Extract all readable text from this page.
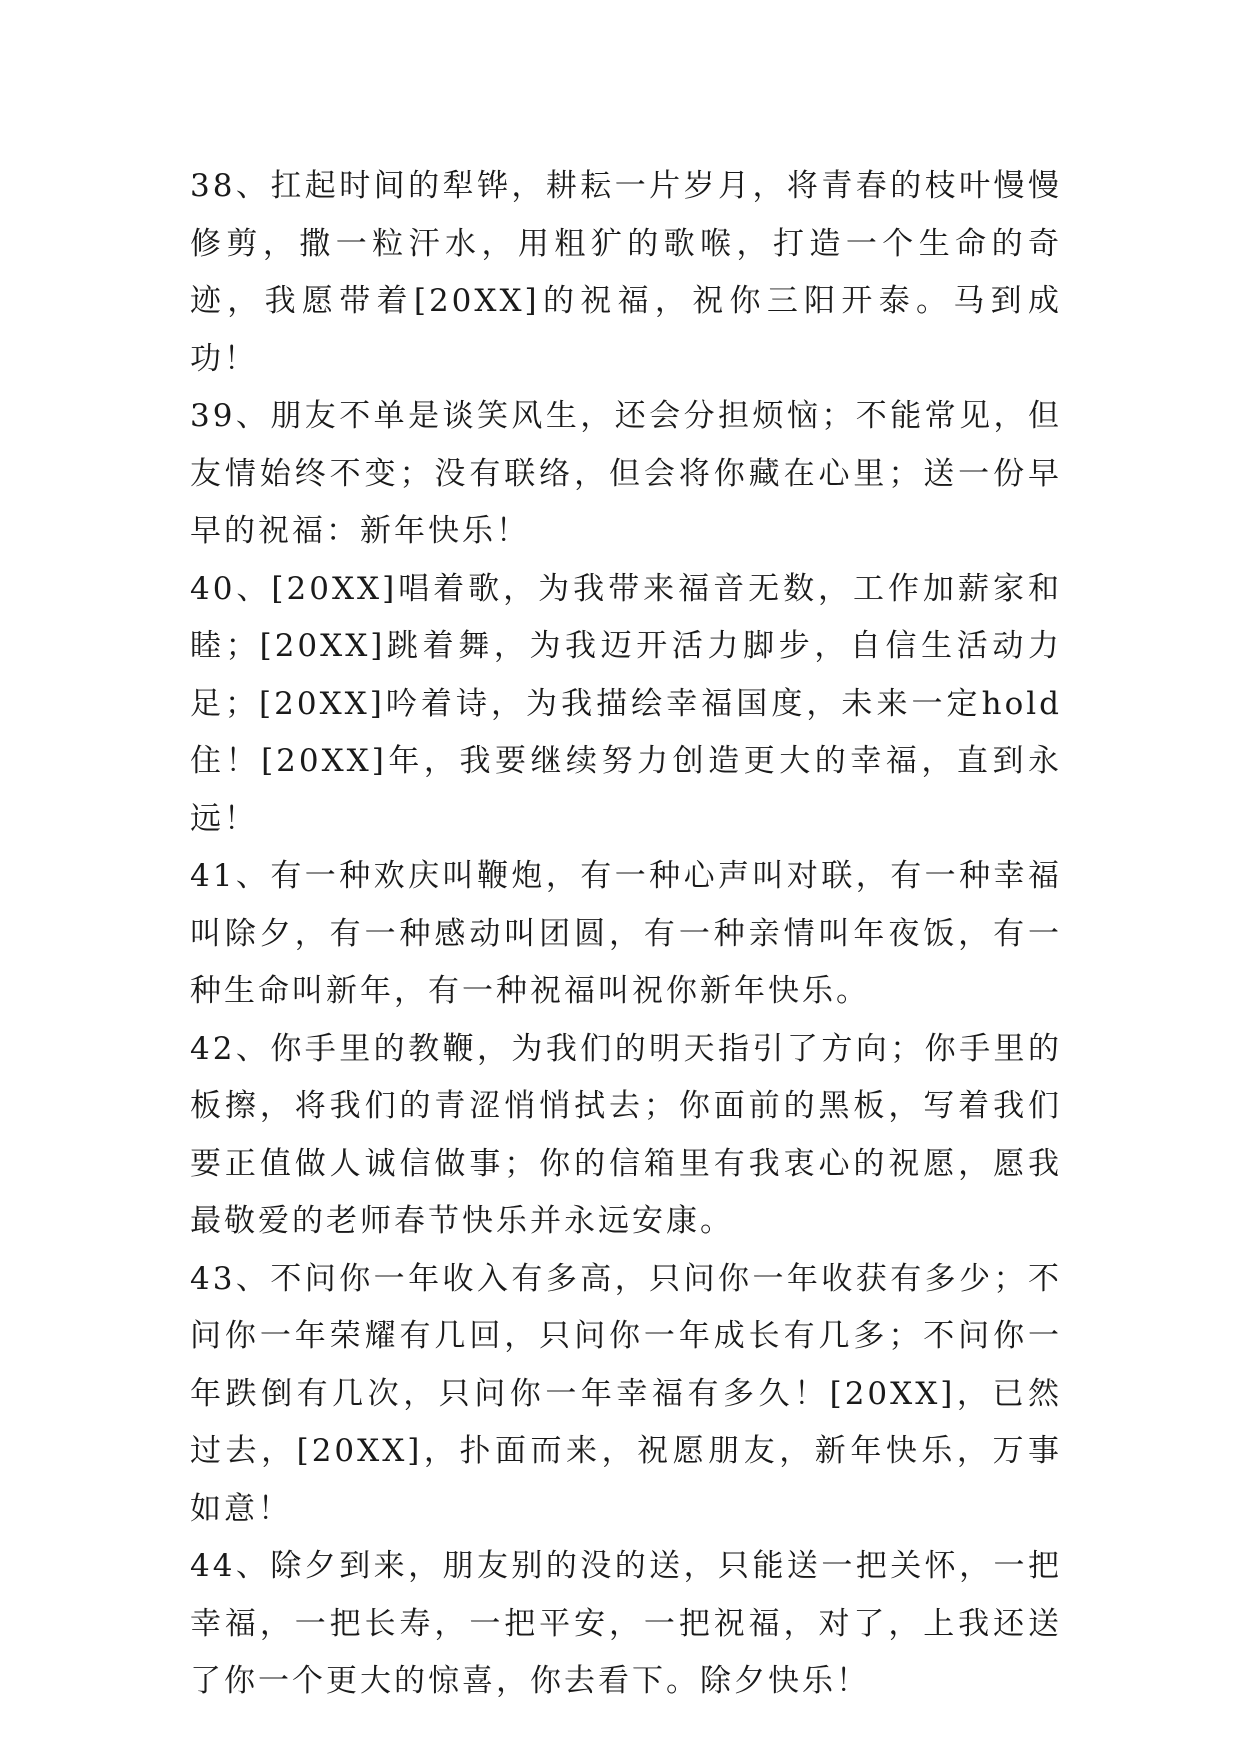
38、扛起时间的犁铧，耕耘一片岁月，将青春的枝叶慢慢修剪，撒一粒汗水，用粗犷的歌喉，打造一个生命的奇迹，我愿带着[20XX]的祝福，祝你三阳开泰。马到成功！

39、朋友不单是谈笑风生，还会分担烦恼；不能常见，但友情始终不变；没有联络，但会将你藏在心里；送一份早早的祝福：新年快乐！

40、[20XX]唱着歌，为我带来福音无数，工作加薪家和睦；[20XX]跳着舞，为我迈开活力脚步，自信生活动力足；[20XX]吟着诗，为我描绘幸福国度，未来一定hold住！[20XX]年，我要继续努力创造更大的幸福，直到永远！

41、有一种欢庆叫鞭炮，有一种心声叫对联，有一种幸福叫除夕，有一种感动叫团圆，有一种亲情叫年夜饭，有一种生命叫新年，有一种祝福叫祝你新年快乐。

42、你手里的教鞭，为我们的明天指引了方向；你手里的板擦，将我们的青涩悄悄拭去；你面前的黑板，写着我们要正值做人诚信做事；你的信箱里有我衷心的祝愿，愿我最敬爱的老师春节快乐并永远安康。

43、不问你一年收入有多高，只问你一年收获有多少；不问你一年荣耀有几回，只问你一年成长有几多；不问你一年跌倒有几次，只问你一年幸福有多久！[20XX]，已然过去，[20XX]，扑面而来，祝愿朋友，新年快乐，万事如意！

44、除夕到来，朋友别的没的送，只能送一把关怀，一把幸福，一把长寿，一把平安，一把祝福，对了，上我还送了你一个更大的惊喜，你去看下。除夕快乐！
